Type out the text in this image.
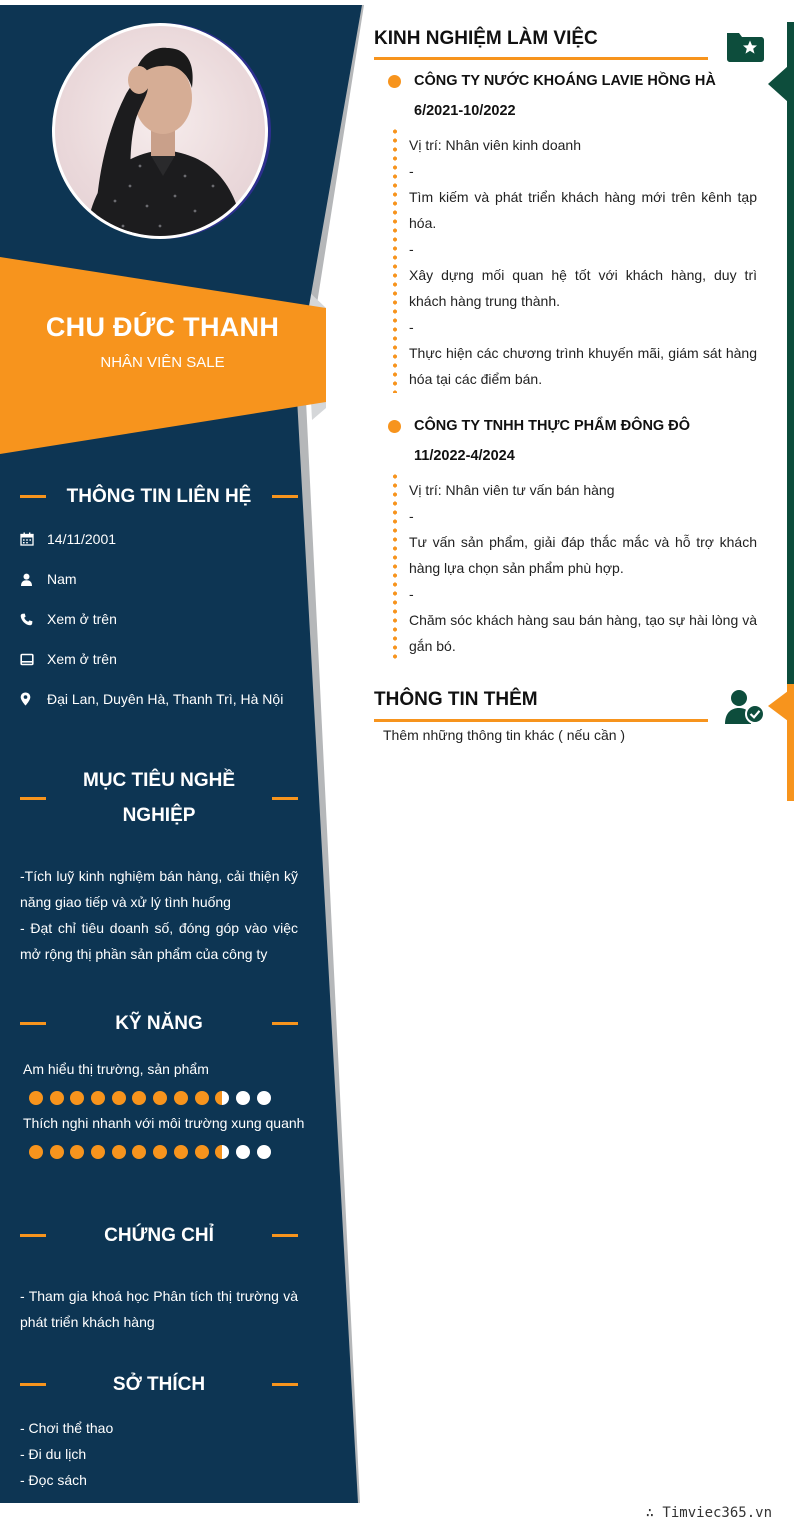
CHU ĐỨC THANH
NHÂN VIÊN SALE
THÔNG TIN LIÊN HỆ
14/11/2001
Nam
Xem ở trên
Xem ở trên
Đại Lan, Duyên Hà, Thanh Trì, Hà Nội
MỤC TIÊU NGHỀ
NGHIỆP

-Tích luỹ kinh nghiệm bán hàng, cải thiện kỹ năng giao tiếp và xử lý tình huống

- Đạt chỉ tiêu doanh số, đóng góp vào việc mở rộng thị phần sản phẩm của công ty

KỸ NĂNG
Am hiểu thị trường, sản phẩm
Thích nghi nhanh với môi trường xung quanh
CHỨNG CHỈ
- Tham gia khoá học Phân tích thị trường và phát triển khách hàng
SỞ THÍCH

- Chơi thể thao

- Đi du lịch

- Đọc sách

KINH NGHIỆM LÀM VIỆC
CÔNG TY NƯỚC KHOÁNG LAVIE HỒNG HÀ
6/2021-10/2022

Vị trí: Nhân viên kinh doanh

-

Tìm kiếm và phát triển khách hàng mới trên kênh tạp hóa.

-

Xây dựng mối quan hệ tốt với khách hàng, duy trì khách hàng trung thành.

-

Thực hiện các chương trình khuyến mãi, giám sát hàng hóa tại các điểm bán.

CÔNG TY TNHH THỰC PHẨM ĐÔNG ĐÔ
11/2022-4/2024

Vị trí: Nhân viên tư vấn bán hàng

-

Tư vấn sản phẩm, giải đáp thắc mắc và hỗ trợ khách hàng lựa chọn sản phẩm phù hợp.

-

Chăm sóc khách hàng sau bán hàng, tạo sự hài lòng và gắn bó.

THÔNG TIN THÊM
Thêm những thông tin khác ( nếu cần )
∴ Timviec365.vn
